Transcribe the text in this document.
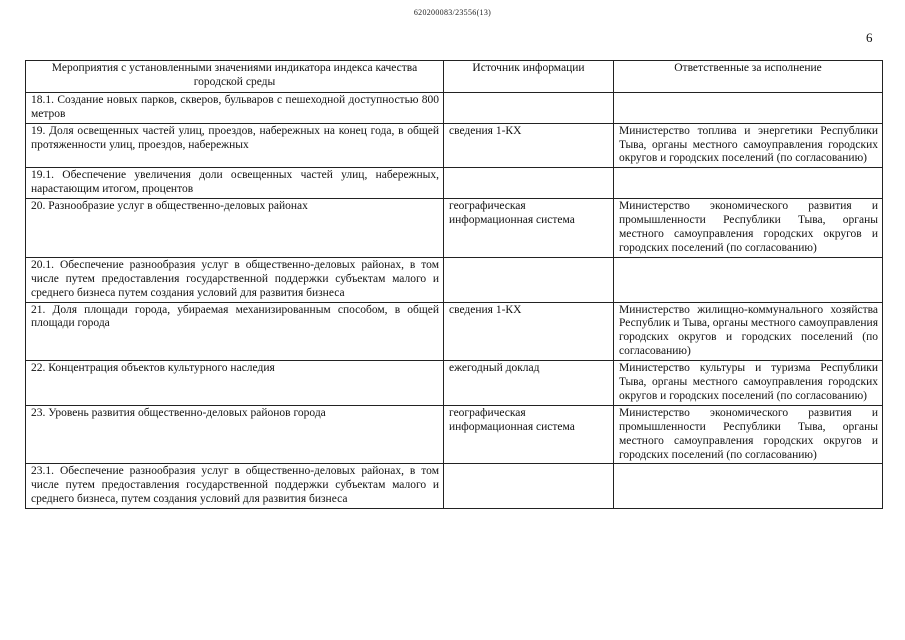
620200083/23556(13)
6
Мероприятия с установленными значениями индикатора индекса качества городской среды	Источник информации	Ответственные за исполнение
18.1. Создание новых парков, скверов, бульваров с пешеходной доступностью 800 метров		
19. Доля освещенных частей улиц, проездов, набережных на конец года, в общей протяженности улиц, проездов, набережных	сведения 1-КХ	Министерство топлива и энергетики Республики Тыва, органы местного самоуправления городских округов и городских поселений (по согласованию)
19.1. Обеспечение увеличения доли освещенных частей улиц, набережных, нарастающим итогом, процентов		
20. Разнообразие услуг в общественно-деловых районах	географическая информационная система	Министерство экономического развития и промышленности Республики Тыва, органы местного самоуправления городских округов и городских поселений (по согласованию)
20.1. Обеспечение разнообразия услуг в общественно-деловых районах, в том числе путем предоставления государственной поддержки субъектам малого и среднего бизнеса путем создания условий для развития бизнеса		
21. Доля площади города, убираемая механизированным способом, в общей площади города	сведения 1-КХ	Министерство жилищно-коммунального хозяйства Республик и Тыва, органы местного самоуправления городских округов и городских поселений (по согласованию)
22. Концентрация объектов культурного наследия	ежегодный доклад	Министерство культуры и туризма Республики Тыва, органы местного самоуправления городских округов и городских поселений (по согласованию)
23. Уровень развития общественно-деловых районов города	географическая информационная система	Министерство экономического развития и промышленности Республики Тыва, органы местного самоуправления городских округов и городских поселений (по согласованию)
23.1. Обеспечение разнообразия услуг в общественно-деловых районах, в том числе путем предоставления государственной поддержки субъектам малого и среднего бизнеса, путем создания условий для развития бизнеса		
